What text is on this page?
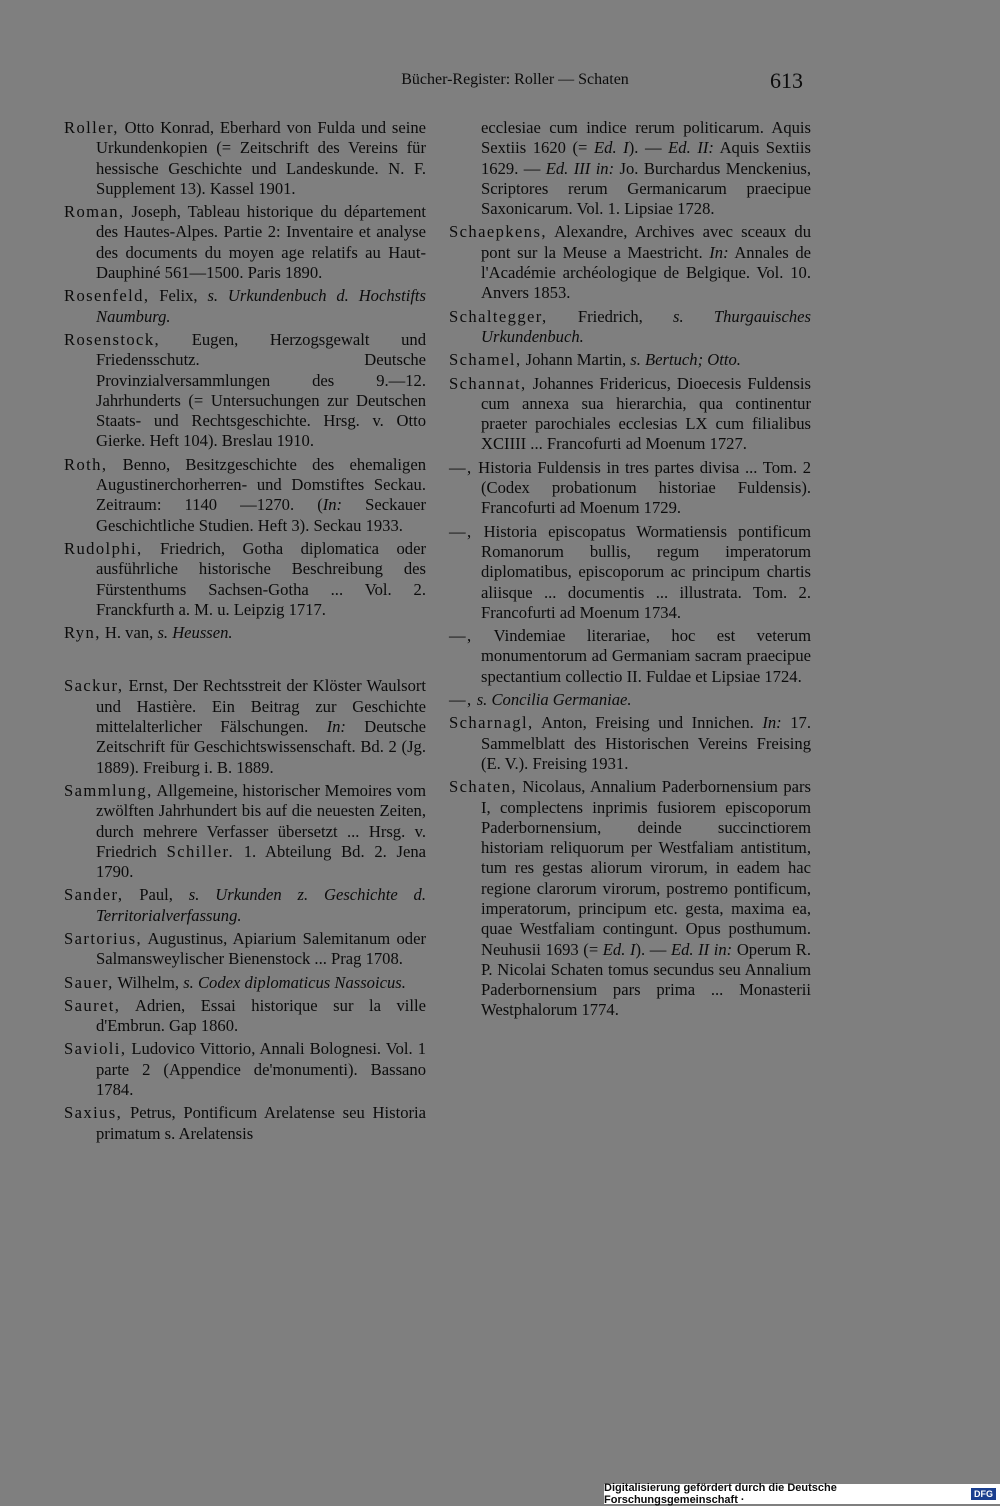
Bücher-Register: Roller — Schaten	613

Roller, Otto Konrad, Eberhard von Fulda und seine Urkundenkopien (= Zeitschrift des Vereins für hessische Geschichte und Landeskunde. N. F. Supplement 13). Kassel 1901.

Roman, Joseph, Tableau historique du département des Hautes-Alpes. Partie 2: Inventaire et analyse des documents du moyen age relatifs au Haut-Dauphiné 561—1500. Paris 1890.

Rosenfeld, Felix, s. Urkundenbuch d. Hochstifts Naumburg.

Rosenstock, Eugen, Herzogsgewalt und Friedensschutz. Deutsche Provinzialversammlungen des 9.—12. Jahrhunderts (= Untersuchungen zur Deutschen Staats- und Rechtsgeschichte. Hrsg. v. Otto Gierke. Heft 104). Breslau 1910.

Roth, Benno, Besitzgeschichte des ehemaligen Augustinerchorherren- und Domstiftes Seckau. Zeitraum: 1140 —1270. (In: Seckauer Geschichtliche Studien. Heft 3). Seckau 1933.

Rudolphi, Friedrich, Gotha diplomatica oder ausführliche historische Beschreibung des Fürstenthums Sachsen-Gotha ... Vol. 2. Franckfurth a. M. u. Leipzig 1717.

Ryn, H. van, s. Heussen.

Sackur, Ernst, Der Rechtsstreit der Klöster Waulsort und Hastière. Ein Beitrag zur Geschichte mittelalterlicher Fälschungen. In: Deutsche Zeitschrift für Geschichtswissenschaft. Bd. 2 (Jg. 1889). Freiburg i. B. 1889.

Sammlung, Allgemeine, historischer Memoires vom zwölften Jahrhundert bis auf die neuesten Zeiten, durch mehrere Verfasser übersetzt ... Hrsg. v. Friedrich Schiller. 1. Abteilung Bd. 2. Jena 1790.

Sander, Paul, s. Urkunden z. Geschichte d. Territorialverfassung.

Sartorius, Augustinus, Apiarium Salemitanum oder Salmansweylischer Bienenstock ... Prag 1708.

Sauer, Wilhelm, s. Codex diplomaticus Nassoicus.

Sauret, Adrien, Essai historique sur la ville d'Embrun. Gap 1860.

Savioli, Ludovico Vittorio, Annali Bolognesi. Vol. 1 parte 2 (Appendice de'monumenti). Bassano 1784.

Saxius, Petrus, Pontificum Arelatense seu Historia primatum s. Arelatensis

ecclesiae cum indice rerum politicarum. Aquis Sextiis 1620 (= Ed. I). — Ed. II: Aquis Sextiis 1629. — Ed. III in: Jo. Burchardus Menckenius, Scriptores rerum Germanicarum praecipue Saxonicarum. Vol. 1. Lipsiae 1728.

Schaepkens, Alexandre, Archives avec sceaux du pont sur la Meuse a Maestricht. In: Annales de l'Académie archéologique de Belgique. Vol. 10. Anvers 1853.

Schaltegger, Friedrich, s. Thurgauisches Urkundenbuch.

Schamel, Johann Martin, s. Bertuch; Otto.

Schannat, Johannes Fridericus, Dioecesis Fuldensis cum annexa sua hierarchia, qua continentur praeter parochiales ecclesias LX cum filialibus XCIIII ... Francofurti ad Moenum 1727.

—, Historia Fuldensis in tres partes divisa ... Tom. 2 (Codex probationum historiae Fuldensis). Francofurti ad Moenum 1729.

—, Historia episcopatus Wormatiensis pontificum Romanorum bullis, regum imperatorum diplomatibus, episcoporum ac principum chartis aliisque ... documentis ... illustrata. Tom. 2. Francofurti ad Moenum 1734.

—, Vindemiae literariae, hoc est veterum monumentorum ad Germaniam sacram praecipue spectantium collectio II. Fuldae et Lipsiae 1724.

—, s. Concilia Germaniae.

Scharnagl, Anton, Freising und Innichen. In: 17. Sammelblatt des Historischen Vereins Freising (E. V.). Freising 1931.

Schaten, Nicolaus, Annalium Paderbornensium pars I, complectens inprimis fusiorem episcoporum Paderbornensium, deinde succinctiorem historiam reliquorum per Westfaliam antistitum, tum res gestas aliorum virorum, in eadem hac regione clarorum virorum, postremo pontificum, imperatorum, principum etc. gesta, maxima ea, quae Westfaliam contingunt. Opus posthumum. Neuhusii 1693 (= Ed. I). — Ed. II in: Operum R. P. Nicolai Schaten tomus secundus seu Annalium Paderbornensium pars prima ... Monasterii Westphalorum 1774.

Digitalisierung gefördert durch die Deutsche Forschungsgemeinschaft ·	DFG
